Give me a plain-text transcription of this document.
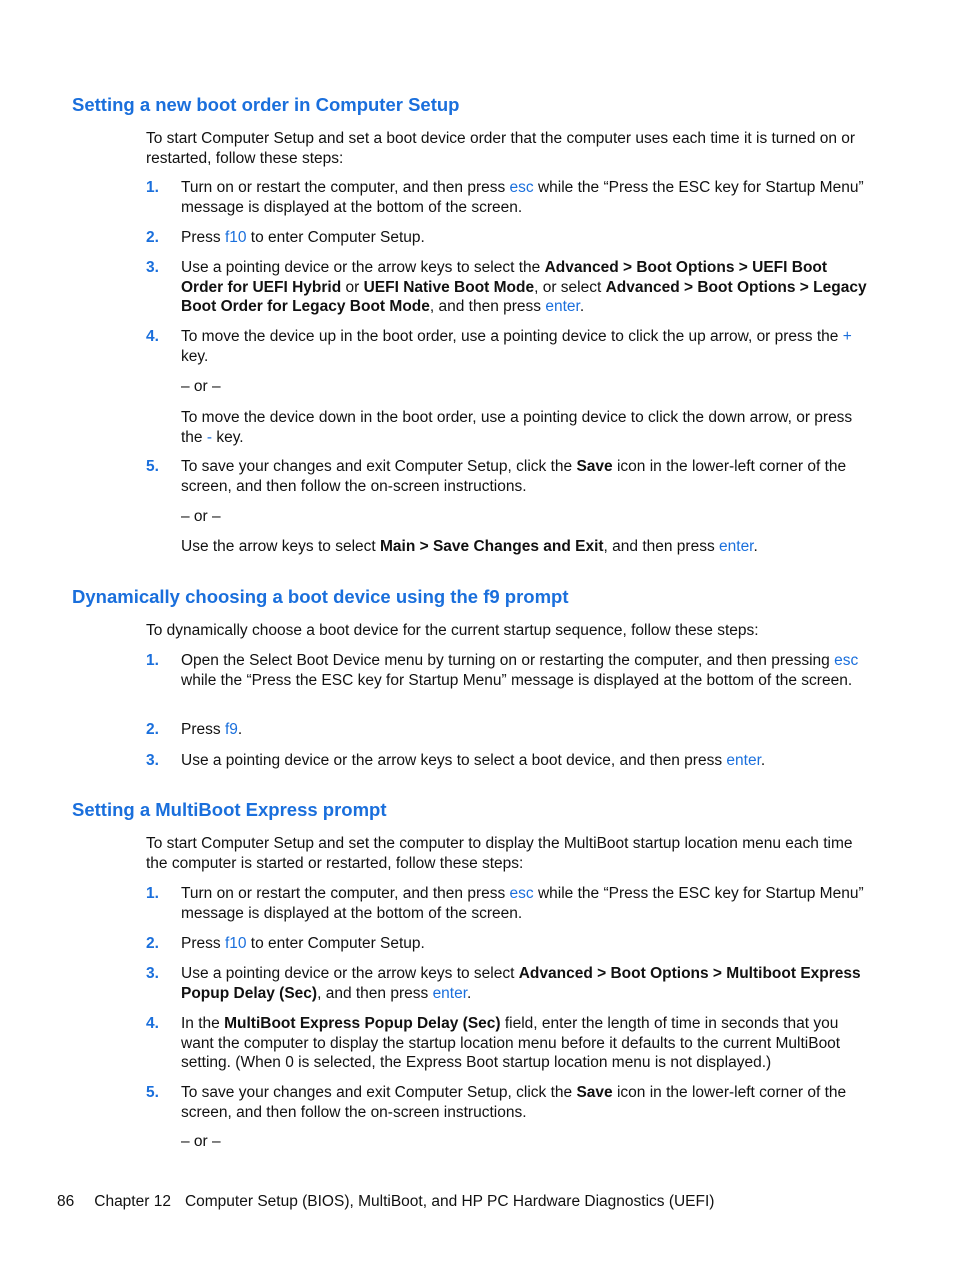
Setting a new boot order in Computer Setup

To start Computer Setup and set a boot device order that the computer uses each time it is turned on or restarted, follow these steps:

1. Turn on or restart the computer, and then press esc while the “Press the ESC key for Startup Menu” message is displayed at the bottom of the screen.

2. Press f10 to enter Computer Setup.

3. Use a pointing device or the arrow keys to select the Advanced > Boot Options > UEFI Boot Order for UEFI Hybrid or UEFI Native Boot Mode, or select Advanced > Boot Options > Legacy Boot Order for Legacy Boot Mode, and then press enter.

4. To move the device up in the boot order, use a pointing device to click the up arrow, or press the + key.

– or –

To move the device down in the boot order, use a pointing device to click the down arrow, or press the - key.

5. To save your changes and exit Computer Setup, click the Save icon in the lower-left corner of the screen, and then follow the on-screen instructions.

– or –

Use the arrow keys to select Main > Save Changes and Exit, and then press enter.

Dynamically choosing a boot device using the f9 prompt

To dynamically choose a boot device for the current startup sequence, follow these steps:

1. Open the Select Boot Device menu by turning on or restarting the computer, and then pressing esc while the “Press the ESC key for Startup Menu” message is displayed at the bottom of the screen.

2. Press f9.

3. Use a pointing device or the arrow keys to select a boot device, and then press enter.

Setting a MultiBoot Express prompt

To start Computer Setup and set the computer to display the MultiBoot startup location menu each time the computer is started or restarted, follow these steps:

1. Turn on or restart the computer, and then press esc while the “Press the ESC key for Startup Menu” message is displayed at the bottom of the screen.

2. Press f10 to enter Computer Setup.

3. Use a pointing device or the arrow keys to select Advanced > Boot Options > Multiboot Express Popup Delay (Sec), and then press enter.

4. In the MultiBoot Express Popup Delay (Sec) field, enter the length of time in seconds that you want the computer to display the startup location menu before it defaults to the current MultiBoot setting. (When 0 is selected, the Express Boot startup location menu is not displayed.)

5. To save your changes and exit Computer Setup, click the Save icon in the lower-left corner of the screen, and then follow the on-screen instructions.

– or –

86 Chapter 12 Computer Setup (BIOS), MultiBoot, and HP PC Hardware Diagnostics (UEFI)
